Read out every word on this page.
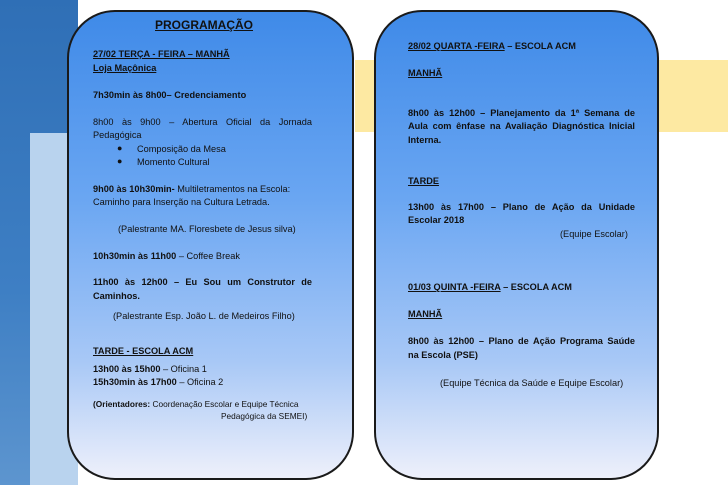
PROGRAMAÇÃO
27/02 TERÇA - FEIRA – MANHÃ
Loja Maçônica
7h30min às 8h00– Credenciamento
8h00 às 9h00 – Abertura Oficial da Jornada
Pedagógica
● Composição da Mesa
● Momento Cultural
9h00 às 10h30min- Multiletramentos na Escola:
Caminho para Inserção na Cultura Letrada.
(Palestrante MA. Floresbete de Jesus silva)
10h30min às 11h00 – Coffee Break
11h00 às 12h00 – Eu Sou um Construtor de
Caminhos.
(Palestrante Esp. João L. de Medeiros Filho)
TARDE - ESCOLA ACM
13h00 às 15h00 – Oficina 1
15h30min às 17h00 – Oficina 2
(Orientadores: Coordenação Escolar e Equipe Técnica
Pedagógica da SEMEI)
28/02 QUARTA -FEIRA – ESCOLA ACM
MANHÃ
8h00 às 12h00 – Planejamento da 1ª Semana de
Aula com ênfase na Avaliação Diagnóstica Inicial
Interna.
TARDE
13h00 às 17h00 – Plano de Ação da Unidade
Escolar 2018
(Equipe Escolar)
01/03 QUINTA -FEIRA – ESCOLA ACM
MANHÃ
8h00 às 12h00 – Plano de Ação Programa Saúde
na Escola (PSE)
(Equipe Técnica da Saúde e Equipe Escolar)
